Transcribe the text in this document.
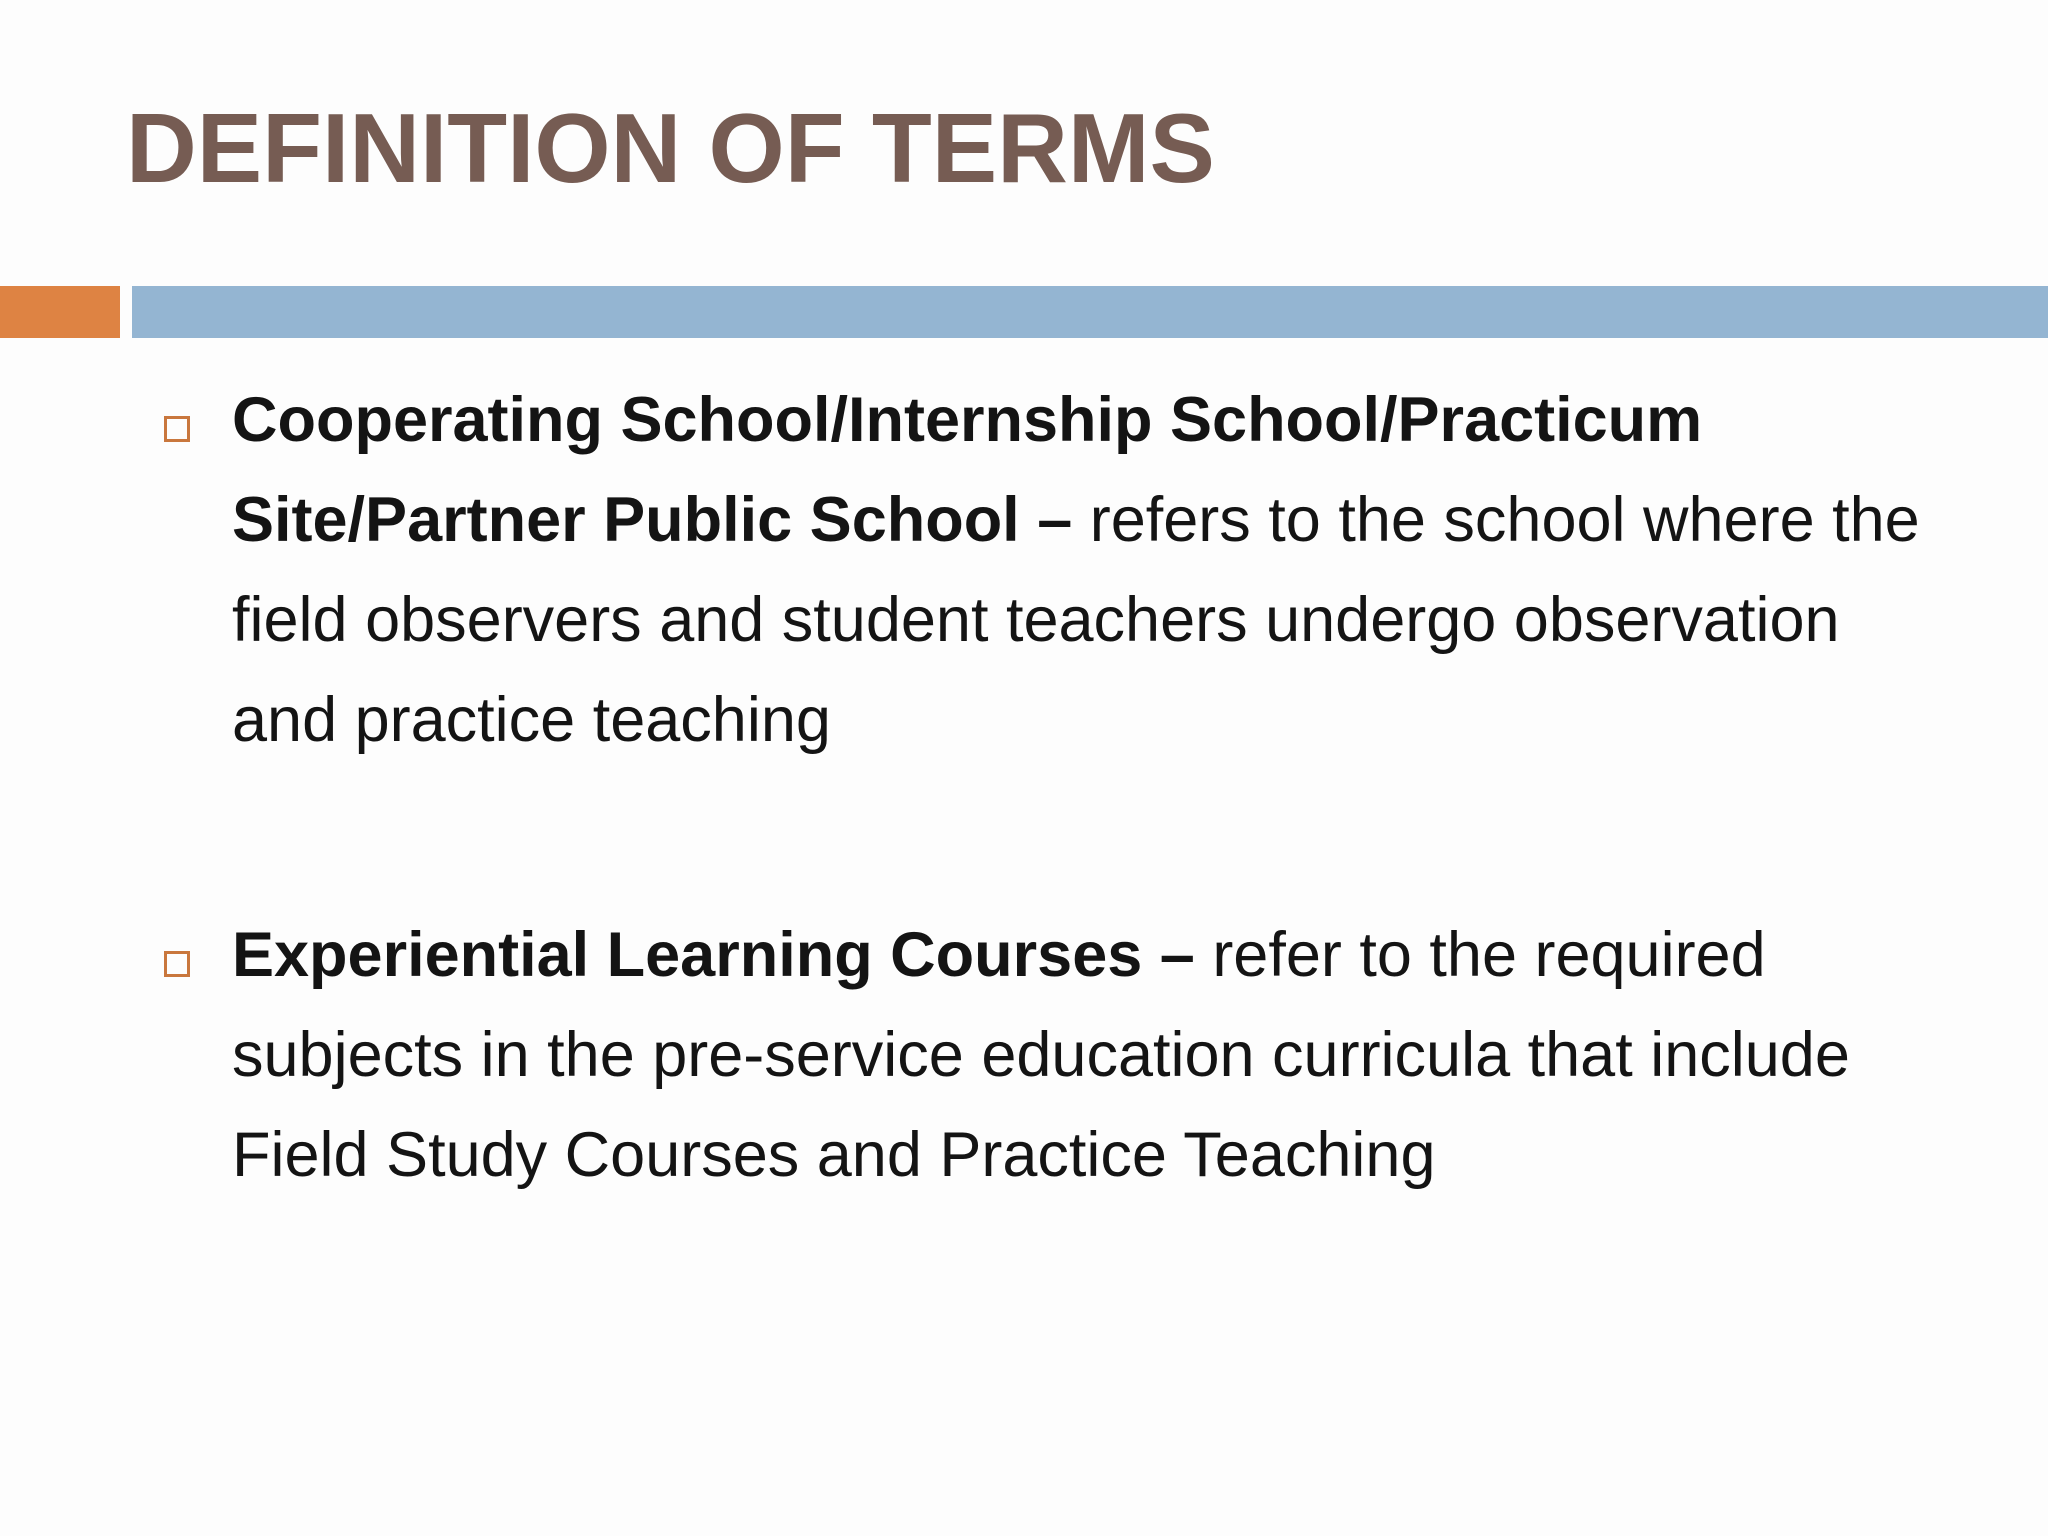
DEFINITION OF TERMS
Cooperating School/Internship School/Practicum Site/Partner Public School – refers to the school where the field observers and student teachers undergo observation and practice teaching
Experiential Learning Courses – refer to the required subjects in the pre-service education curricula that include Field Study Courses and Practice Teaching
